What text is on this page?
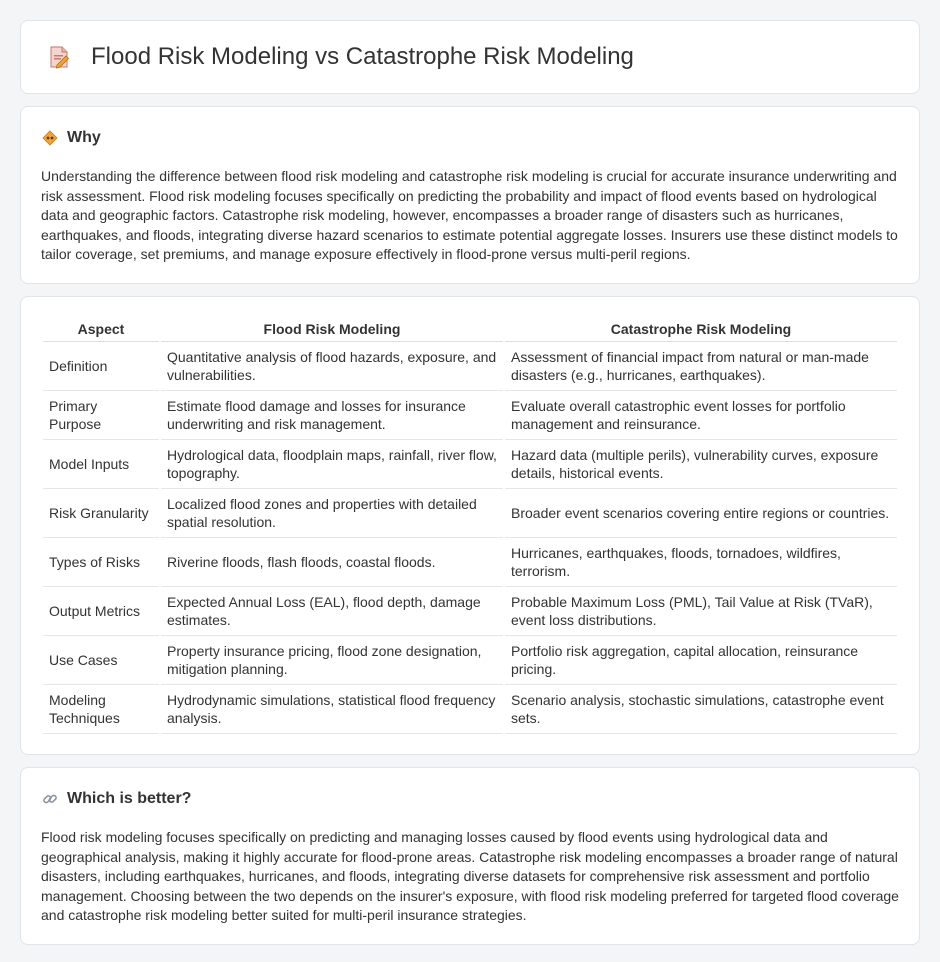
Flood Risk Modeling vs Catastrophe Risk Modeling
Why

Understanding the difference between flood risk modeling and catastrophe risk modeling is crucial for accurate insurance underwriting and risk assessment. Flood risk modeling focuses specifically on predicting the probability and impact of flood events based on hydrological data and geographic factors. Catastrophe risk modeling, however, encompasses a broader range of disasters such as hurricanes, earthquakes, and floods, integrating diverse hazard scenarios to estimate potential aggregate losses. Insurers use these distinct models to tailor coverage, set premiums, and manage exposure effectively in flood-prone versus multi-peril regions.

Aspect	Flood Risk Modeling	Catastrophe Risk Modeling
Definition	Quantitative analysis of flood hazards, exposure, and vulnerabilities.	Assessment of financial impact from natural or man-made disasters (e.g., hurricanes, earthquakes).
Primary Purpose	Estimate flood damage and losses for insurance underwriting and risk management.	Evaluate overall catastrophic event losses for portfolio management and reinsurance.
Model Inputs	Hydrological data, floodplain maps, rainfall, river flow, topography.	Hazard data (multiple perils), vulnerability curves, exposure details, historical events.
Risk Granularity	Localized flood zones and properties with detailed spatial resolution.	Broader event scenarios covering entire regions or countries.
Types of Risks	Riverine floods, flash floods, coastal floods.	Hurricanes, earthquakes, floods, tornadoes, wildfires, terrorism.
Output Metrics	Expected Annual Loss (EAL), flood depth, damage estimates.	Probable Maximum Loss (PML), Tail Value at Risk (TVaR), event loss distributions.
Use Cases	Property insurance pricing, flood zone designation, mitigation planning.	Portfolio risk aggregation, capital allocation, reinsurance pricing.
Modeling Techniques	Hydrodynamic simulations, statistical flood frequency analysis.	Scenario analysis, stochastic simulations, catastrophe event sets.
Which is better?

Flood risk modeling focuses specifically on predicting and managing losses caused by flood events using hydrological data and geographical analysis, making it highly accurate for flood-prone areas. Catastrophe risk modeling encompasses a broader range of natural disasters, including earthquakes, hurricanes, and floods, integrating diverse datasets for comprehensive risk assessment and portfolio management. Choosing between the two depends on the insurer's exposure, with flood risk modeling preferred for targeted flood coverage and catastrophe risk modeling better suited for multi-peril insurance strategies.
